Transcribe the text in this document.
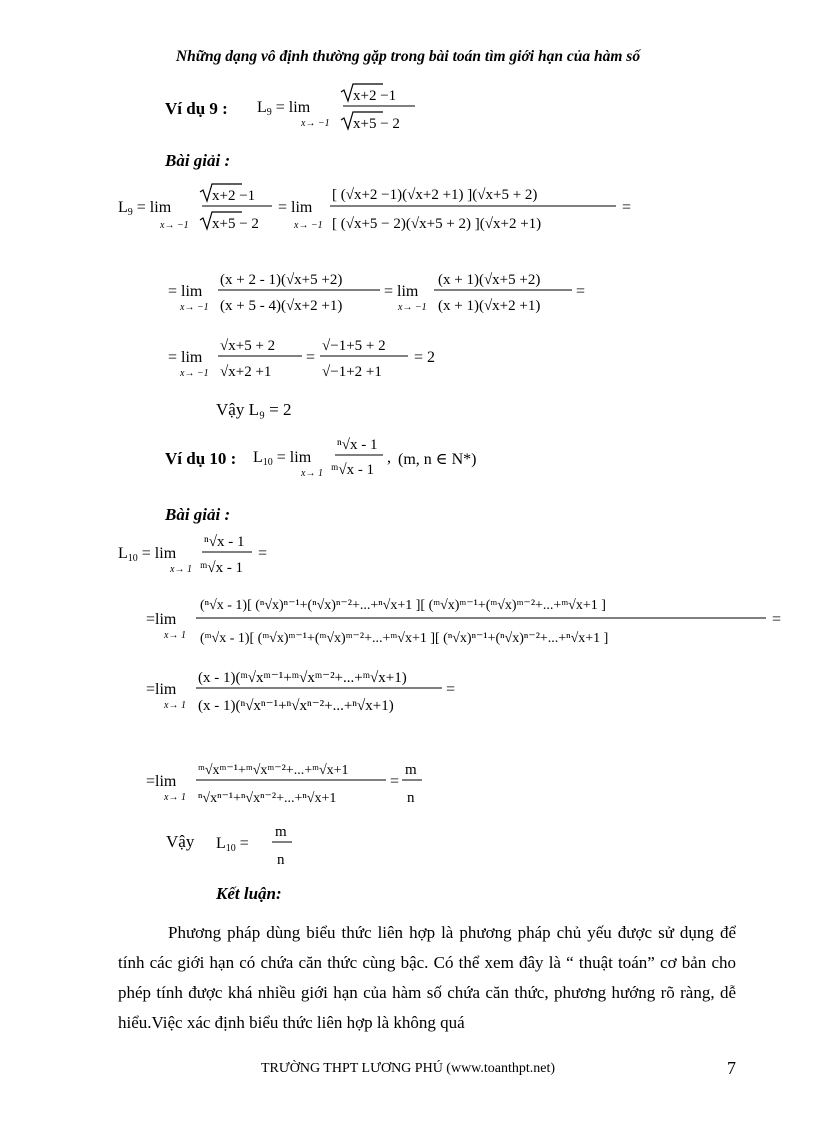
Những dạng vô định thường gặp trong bài toán tìm giới hạn của hàm số
Ví dụ 9 : L9 = lim
x→ −1
x+2 −1
x+5 − 2
Bài giải :
L9 = lim
x→ −1
x+2 −1
x+5 − 2
= lim
x→ −1
[ (√x+2 −1)(√x+2 +1) ](√x+5 + 2)
[ (√x+5 − 2)(√x+5 + 2) ](√x+2 +1)
=
= lim
x→ −1
(x + 2 - 1)(√x+5 +2)
(x + 5 - 4)(√x+2 +1)
= lim
x→ −1
(x + 1)(√x+5 +2)
(x + 1)(√x+2 +1)
=
= lim
x→ −1
√x+5 + 2
√x+2 +1
=
√−1+5 + 2
√−1+2 +1
= 2
Vậy L₉ = 2
Ví dụ 10 : L10 = lim
x→ 1
ⁿ√x - 1
ᵐ√x - 1
, (m, n ∈ N*)
Bài giải :
L10 = lim
x→ 1
ⁿ√x - 1
ᵐ√x - 1
=
=lim
x→ 1
(ⁿ√x - 1)[ (ⁿ√x)ⁿ⁻¹+(ⁿ√x)ⁿ⁻²+...+ⁿ√x+1 ][ (ᵐ√x)ᵐ⁻¹+(ᵐ√x)ᵐ⁻²+...+ᵐ√x+1 ]
(ᵐ√x - 1)[ (ᵐ√x)ᵐ⁻¹+(ᵐ√x)ᵐ⁻²+...+ᵐ√x+1 ][ (ⁿ√x)ⁿ⁻¹+(ⁿ√x)ⁿ⁻²+...+ⁿ√x+1 ]
=
=lim
x→ 1
(x - 1)(ᵐ√xᵐ⁻¹+ᵐ√xᵐ⁻²+...+ᵐ√x+1)
(x - 1)(ⁿ√xⁿ⁻¹+ⁿ√xⁿ⁻²+...+ⁿ√x+1)
=
=lim
x→ 1
ᵐ√xᵐ⁻¹+ᵐ√xᵐ⁻²+...+ᵐ√x+1
ⁿ√xⁿ⁻¹+ⁿ√xⁿ⁻²+...+ⁿ√x+1
=
m
n
Vậy L10 =
m
n
Kết luận:
Phương pháp dùng biểu thức liên hợp là phương pháp chủ yếu được sử dụng để tính các giới hạn có chứa căn thức cùng bậc. Có thể xem đây là “ thuật toán” cơ bản cho phép tính được khá nhiều giới hạn của hàm số chứa căn thức, phương hướng rõ ràng, dễ hiểu.Việc xác định biểu thức liên hợp là không quá
TRƯỜNG THPT LƯƠNG PHÚ (www.toanthpt.net)	7
